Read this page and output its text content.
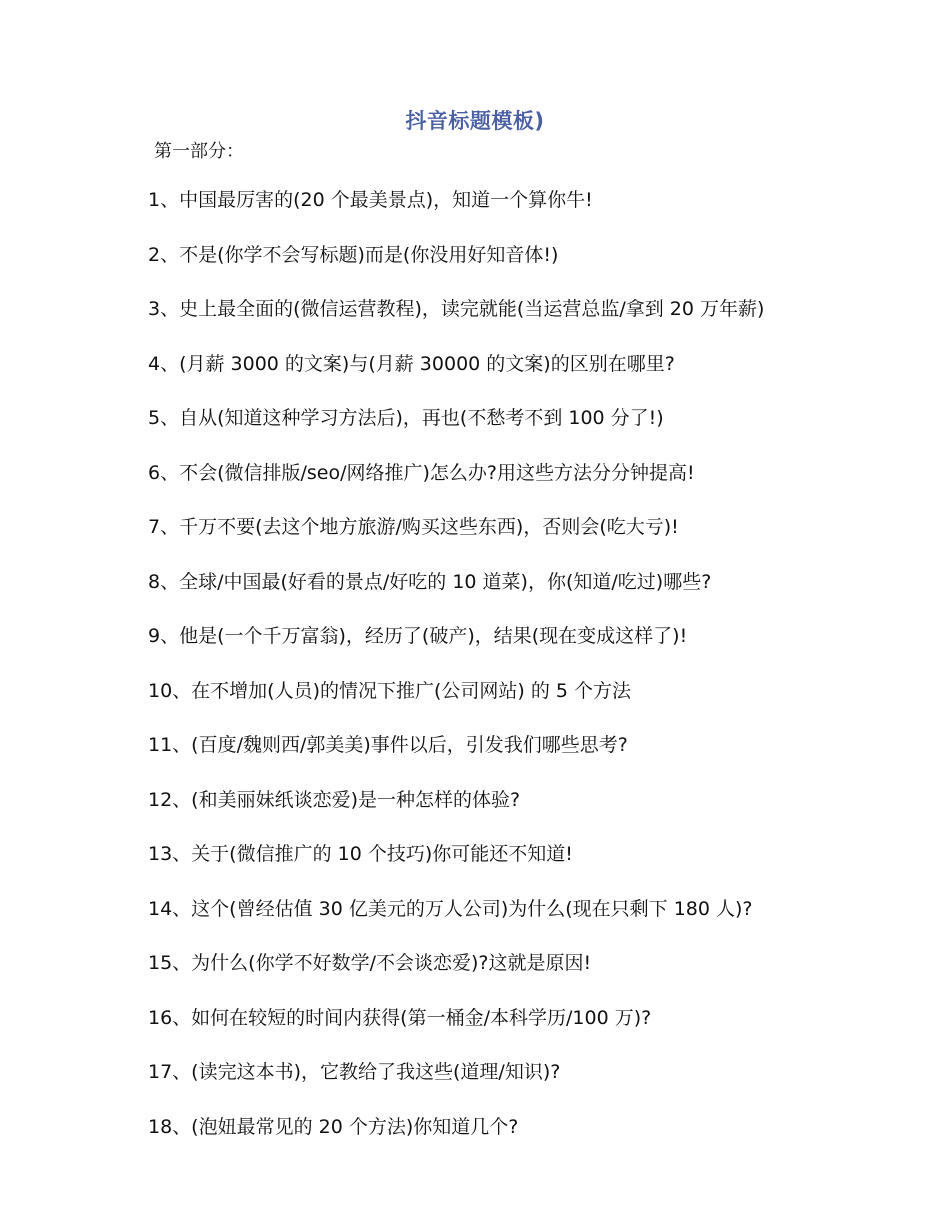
抖音标题模板)
第一部分：
1、中国最厉害的(20 个最美景点)，知道一个算你牛!
2、不是(你学不会写标题)而是(你没用好知音体!)
3、史上最全面的(微信运营教程)，读完就能(当运营总监/拿到 20 万年薪)
4、(月薪 3000 的文案)与(月薪 30000 的文案)的区别在哪里?
5、自从(知道这种学习方法后)，再也(不愁考不到 100 分了!)
6、不会(微信排版/seo/网络推广)怎么办?用这些方法分分钟提高!
7、千万不要(去这个地方旅游/购买这些东西)，否则会(吃大亏)!
8、全球/中国最(好看的景点/好吃的 10 道菜)，你(知道/吃过)哪些?
9、他是(一个千万富翁)，经历了(破产)，结果(现在变成这样了)!
10、在不增加(人员)的情况下推广(公司网站) 的 5 个方法
11、(百度/魏则西/郭美美)事件以后，引发我们哪些思考?
12、(和美丽妹纸谈恋爱)是一种怎样的体验?
13、关于(微信推广的 10 个技巧)你可能还不知道!
14、这个(曾经估值 30 亿美元的万人公司)为什么(现在只剩下 180 人)?
15、为什么(你学不好数学/不会谈恋爱)?这就是原因!
16、如何在较短的时间内获得(第一桶金/本科学历/100 万)?
17、(读完这本书)，它教给了我这些(道理/知识)?
18、(泡妞最常见的 20 个方法)你知道几个?
